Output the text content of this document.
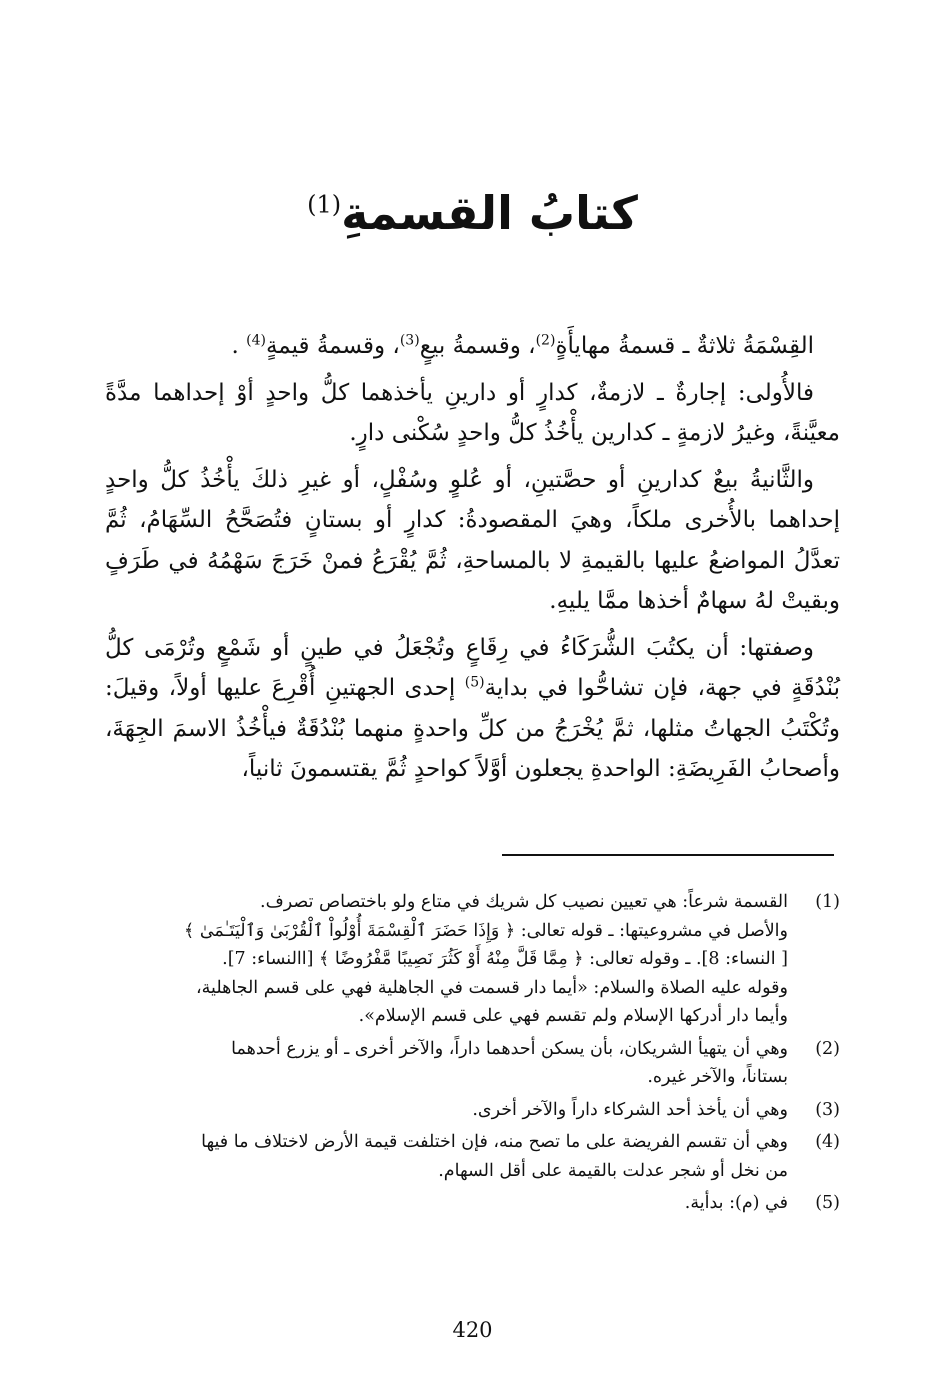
كتابُ القسمةِ$^{(1)}$

القِسْمَةُ ثلاثةٌ ـ قسمةُ مهايأَةٍ$^{(2)}$، وقسمةُ بيعٍ$^{(3)}$، وقسمةُ قيمةٍ$^{(4)}$ .

فالأُولى: إجارةٌ ـ لازمةٌ، كدارٍ أو دارينِ يأخذهما كلُّ واحدٍ أوْ إحداهما مدَّةً معيَّنةً، وغيرُ لازمةٍ ـ كدارين يأْخُذُ كلُّ واحدٍ سُكْنى دارٍ.

والثَّانيةُ بيعٌ كدارينِ أو حصَّتينِ، أو عُلوٍ وسُفْلٍ، أو غيرِ ذلكَ يأْخُذُ كلُّ واحدٍ إحداهما بالأُخرى ملكاً، وهيَ المقصودةُ: كدارٍ أو بستانٍ فتُصَحَّحُ السِّهَامُ، ثُمَّ تعدَّلُ المواضعُ عليها بالقيمةِ لا بالمساحةِ، ثُمَّ يُقْرَعُ فمنْ خَرَجَ سَهْمُهُ في طَرَفٍ وبقيتْ لهُ سهامٌ أخذها ممَّا يليهِ.

وصفتها: أن يكتُبَ الشُّرَكَاءُ في رِقَاعٍ وتُجْعَلُ في طينٍ أو شَمْعٍ وتُرْمَى كلُّ بُنْدُقَةٍ في جهة، فإن تشاحُّوا في بداية$^{(5)}$ إحدى الجهتينِ أُقْرِعَ عليها أولاً، وقيلَ: وتُكْتَبُ الجهاتُ مثلها، ثمَّ يُخْرَجُ من كلِّ واحدةٍ منهما بُنْدُقَةٌ فيأْخُذُ الاسمَ الجِهَةَ، وأصحابُ الفَرِيضَةِ: الواحدةِ يجعلون أوَّلاً كواحدٍ ثُمَّ يقتسمونَ ثانياً،

(1)
القسمة شرعاً: هي تعيين نصيب كل شريك في متاع ولو باختصاص تصرف.
والأصل في مشروعيتها: ـ قوله تعالى: ﴿ وَإِذَا حَضَرَ ٱلْقِسْمَةَ أُوْلُواْ ٱلْقُرْبَىٰ وَٱلْيَتَـٰمَىٰ ﴾
[ النساء: 8]. ـ وقوله تعالى: ﴿ مِمَّا قَلَّ مِنْهُ أَوْ كَثُرَ نَصِيبًا مَّفْرُوضًا ﴾ [االنساء: 7].
وقوله عليه الصلاة والسلام: «أيما دار قسمت في الجاهلية فهي على قسم الجاهلية،
وأيما دار أدركها الإسلام ولم تقسم فهي على قسم الإسلام».
(2)
وهي أن يتهيأ الشريكان، بأن يسكن أحدهما داراً، والآخر أخرى ـ أو يزرع أحدهما
بستاناً، والآخر غيره.
(3)
وهي أن يأخذ أحد الشركاء داراً والآخر أخرى.
(4)
وهي أن تقسم الفريضة على ما تصح منه، فإن اختلفت قيمة الأرض لاختلاف ما فيها
من نخل أو شجر عدلت بالقيمة على أقل السهام.
(5)
في (م): بدأية.
420
